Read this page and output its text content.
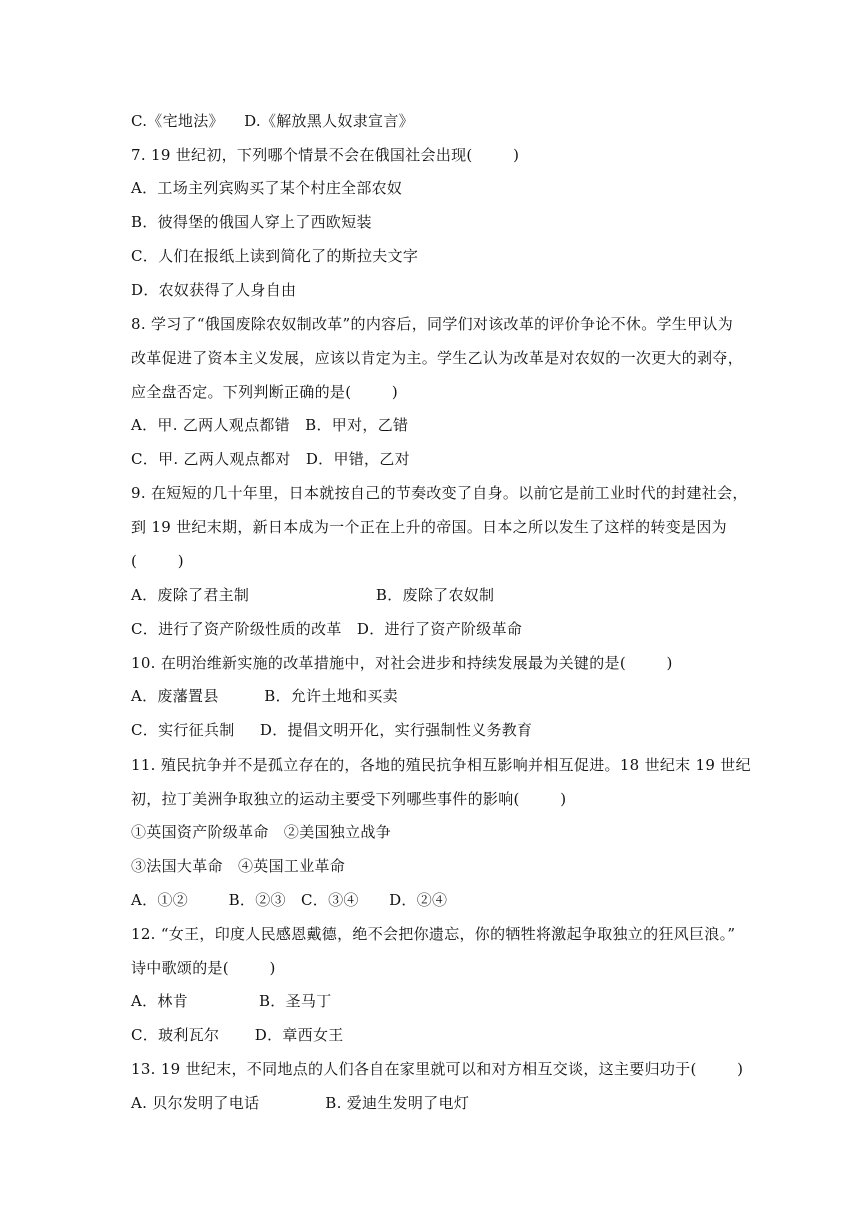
C.《宅地法》    D.《解放黑人奴隶宣言》
7. 19 世纪初，下列哪个情景不会在俄国社会出现(        )
A．工场主列宾购买了某个村庄全部农奴
B．彼得堡的俄国人穿上了西欧短装
C．人们在报纸上读到简化了的斯拉夫文字
D．农奴获得了人身自由
8. 学习了“俄国废除农奴制改革”的内容后，同学们对该改革的评价争论不休。学生甲认为
改革促进了资本主义发展，应该以肯定为主。学生乙认为改革是对农奴的一次更大的剥夺，
应全盘否定。下列判断正确的是(        )
A．甲. 乙两人观点都错   B．甲对，乙错
C．甲. 乙两人观点都对   D．甲错，乙对
9. 在短短的几十年里，日本就按自己的节奏改变了自身。以前它是前工业时代的封建社会，
到 19 世纪末期，新日本成为一个正在上升的帝国。日本之所以发生了这样的转变是因为
(        )
A．废除了君主制                         B．废除了农奴制
C．进行了资产阶级性质的改革   D．进行了资产阶级革命
10. 在明治维新实施的改革措施中，对社会进步和持续发展最为关键的是(        )
A．废藩置县         B．允许土地和买卖
C．实行征兵制     D．提倡文明开化，实行强制性义务教育
11. 殖民抗争并不是孤立存在的，各地的殖民抗争相互影响并相互促进。18 世纪末 19 世纪
初，拉丁美洲争取独立的运动主要受下列哪些事件的影响(        )
①英国资产阶级革命   ②美国独立战争
③法国大革命   ④英国工业革命
A．①②        B．②③   C．③④      D．②④
12. “女王，印度人民感恩戴德，绝不会把你遗忘，你的牺牲将激起争取独立的狂风巨浪。”
诗中歌颂的是(        )
A．林肯              B．圣马丁
C．玻利瓦尔       D．章西女王
13. 19 世纪末，不同地点的人们各自在家里就可以和对方相互交谈，这主要归功于(        )
A. 贝尔发明了电话             B. 爱迪生发明了电灯
